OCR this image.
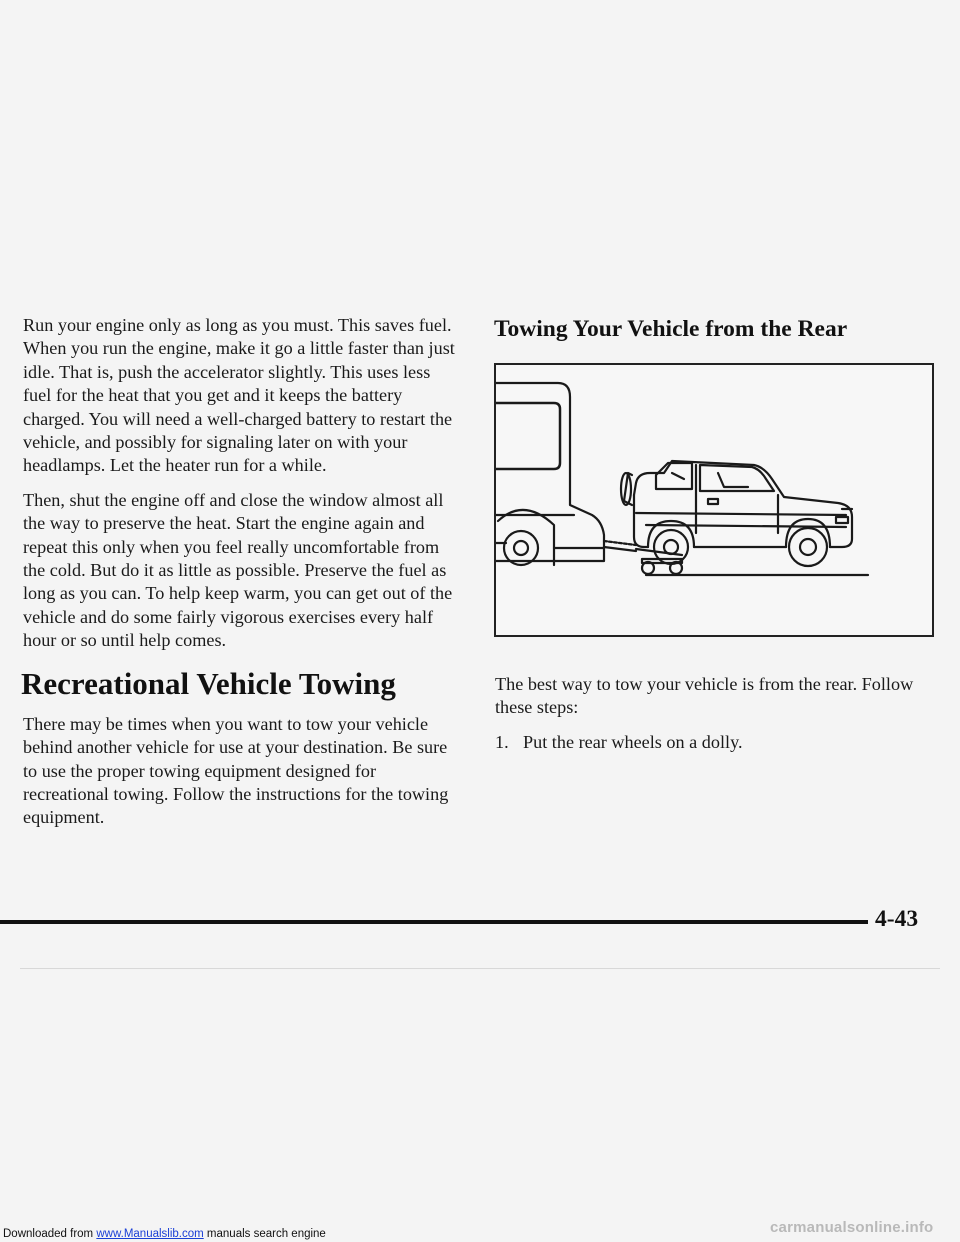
Run your engine only as long as you must. This saves fuel. When you run the engine, make it go a little faster than just idle. That is, push the accelerator slightly. This uses less fuel for the heat that you get and it keeps the battery charged. You will need a well-charged battery to restart the vehicle, and possibly for signaling later on with your headlamps. Let the heater run for a while.

Then, shut the engine off and close the window almost all the way to preserve the heat. Start the engine again and repeat this only when you feel really uncomfortable from the cold. But do it as little as possible. Preserve the fuel as long as you can. To help keep warm, you can get out of the vehicle and do some fairly vigorous exercises every half hour or so until help comes.

Recreational Vehicle Towing

There may be times when you want to tow your vehicle behind another vehicle for use at your destination. Be sure to use the proper towing equipment designed for recreational towing. Follow the instructions for the towing equipment.

Towing Your Vehicle from the Rear

The best way to tow your vehicle is from the rear. Follow these steps:

1. Put the rear wheels on a dolly.
4-43
Downloaded from www.Manualslib.com manuals search engine	carmanualsonline.info
